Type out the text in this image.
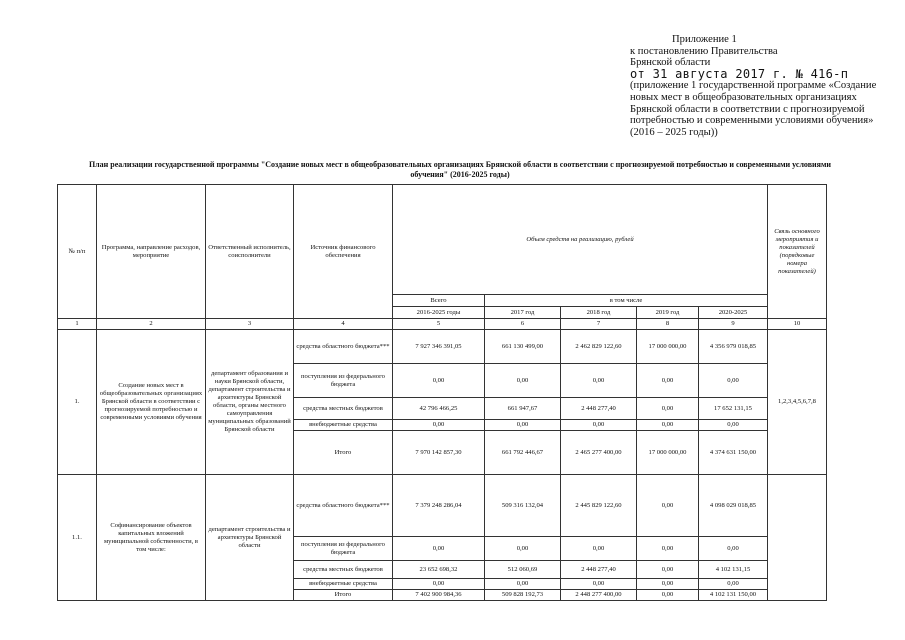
Приложение 1
к постановлению Правительства
Брянской области
от 31 августа 2017 г. № 416-п
(приложение 1 государственной программе «Создание новых мест в общеобразовательных организациях Брянской области в соответствии с прогнозируемой потребностью и современными условиями обучения» (2016 – 2025 годы))
План реализации государственной программы "Создание новых мест в общеобразовательных организациях Брянской области в соответствии с прогнозируемой потребностью и современными условиями обучения" (2016-2025 годы)
№ п/п	Программа, направление расходов, мероприятие	Ответственный исполнитель, соисполнители	Источник финансового обеспечения	Объем средств на реализацию, рублей					Связь основного мероприятия и показателей (порядковые номера показателей)
				Всего	в том числе				
				2016-2025 годы	2017 год	2018 год	2019 год	2020-2025	
1	2	3	4	5	6	7	8	9	10
1.	Создание новых мест в общеобразовательных организациях Брянской области в соответствии с прогнозируемой потребностью и современными условиями обучения	департамент образования и науки Брянской области, департамент строительства и архитектуры Брянской области, органы местного самоуправления муниципальных образований Брянской области	средства областного бюджета***	7 927 346 391,05	661 130 499,00	2 462 829 122,60	17 000 000,00	4 356 979 018,85	1,2,3,4,5,6,7,8
			поступления из федерального бюджета	0,00	0,00	0,00	0,00	0,00	
			средства местных бюджетов	42 796 466,25	661 947,67	2 448 277,40	0,00	17 652 131,15	
			внебюджетные средства	0,00	0,00	0,00	0,00	0,00	
			Итого	7 970 142 857,30	661 792 446,67	2 465 277 400,00	17 000 000,00	4 374 631 150,00	
1.1.	Софинансирование объектов капитальных вложений муниципальной собственности, в том числе:	департамент строительства и архитектуры Брянской области	средства областного бюджета***	7 379 248 286,04	509 316 132,04	2 445 829 122,60	0,00	4 098 029 018,85	
			поступления из федерального бюджета	0,00	0,00	0,00	0,00	0,00	
			средства местных бюджетов	23 652 698,32	512 060,69	2 448 277,40	0,00	4 102 131,15	
			внебюджетные средства	0,00	0,00	0,00	0,00	0,00	
			Итого	7 402 900 984,36	509 828 192,73	2 448 277 400,00	0,00	4 102 131 150,00	
